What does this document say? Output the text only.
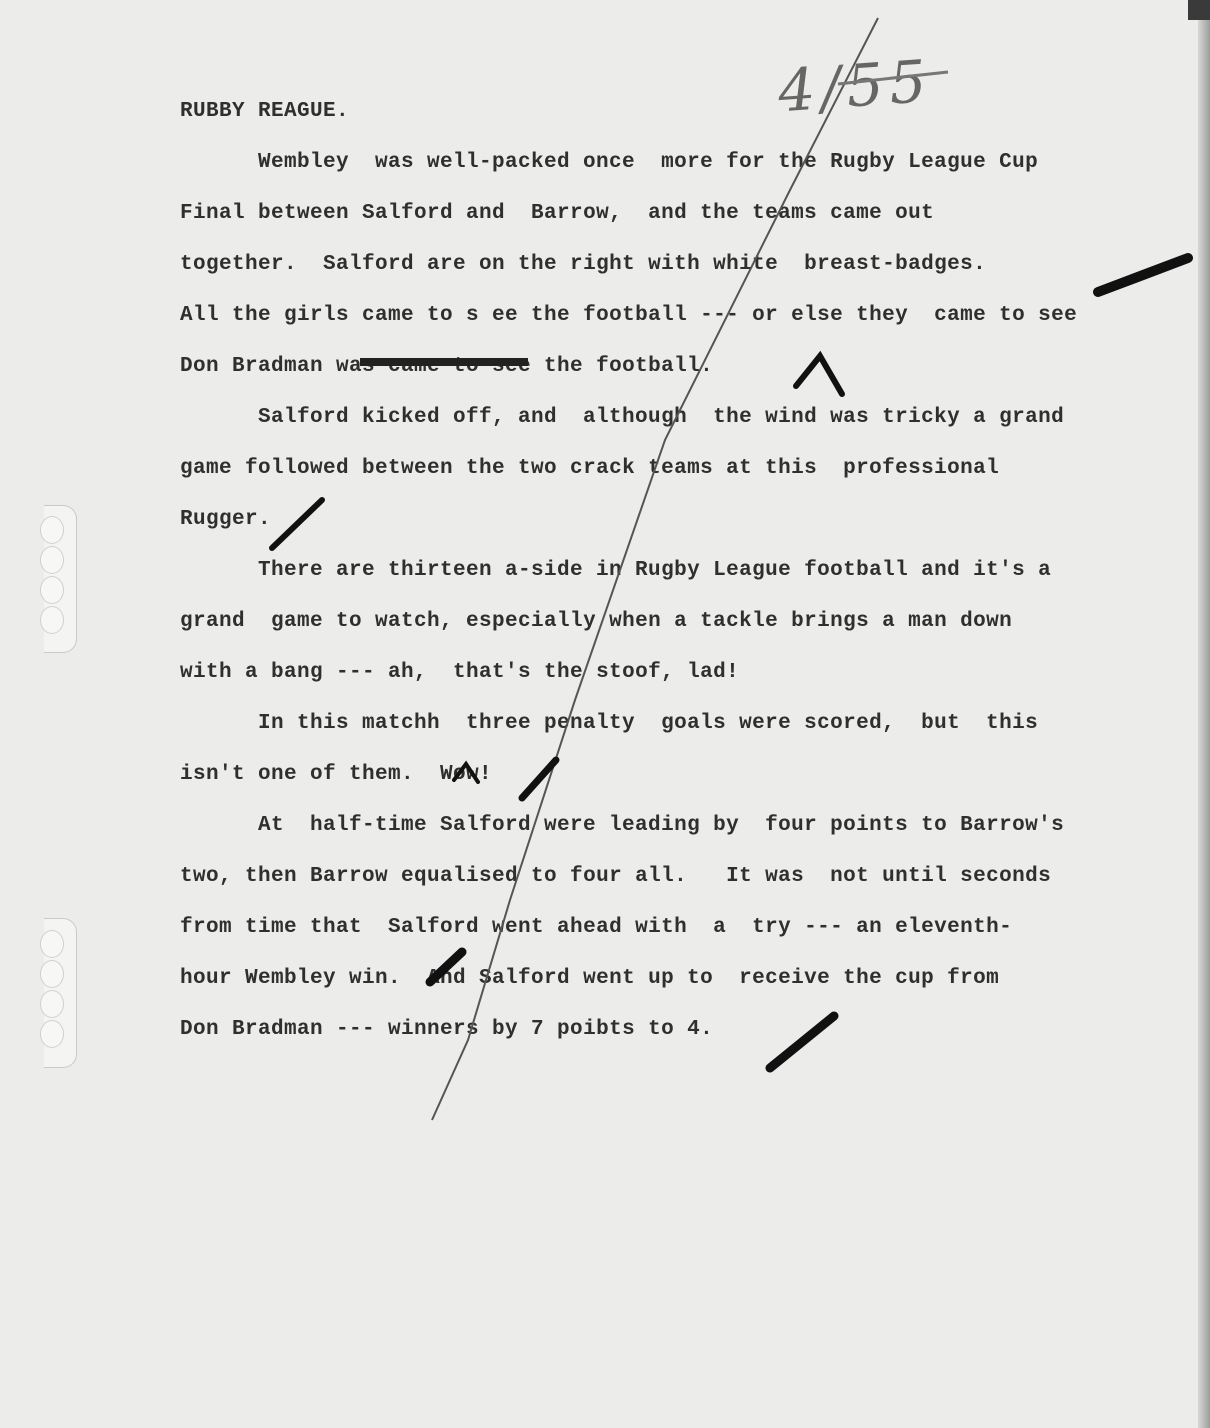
4/55
RUBBY REAGUE.
Wembley  was well-packed once  more for the Rugby League Cup
Final between Salford and  Barrow,  and the teams came out
together.  Salford are on the right with white  breast-badges.
All the girls came to s ee the football --- or else they  came to see
Don Bradman was came to see the football.
Salford kicked off, and  although  the wind was tricky a grand
game followed between the two crack teams at this  professional
Rugger.
There are thirteen a-side in Rugby League football and it's a
grand  game to watch, especially when a tackle brings a man down
with a bang --- ah,  that's the stoof, lad!
In this matchh  three penalty  goals were scored,  but  this
isn't one of them.  Wow!
At  half-time Salford were leading by  four points to Barrow's
two, then Barrow equalised to four all.   It was  not until seconds
from time that  Salford went ahead with  a  try --- an eleventh-
hour Wembley win.  And Salford went up to  receive the cup from
Don Bradman --- winners by 7 poibts to 4.
